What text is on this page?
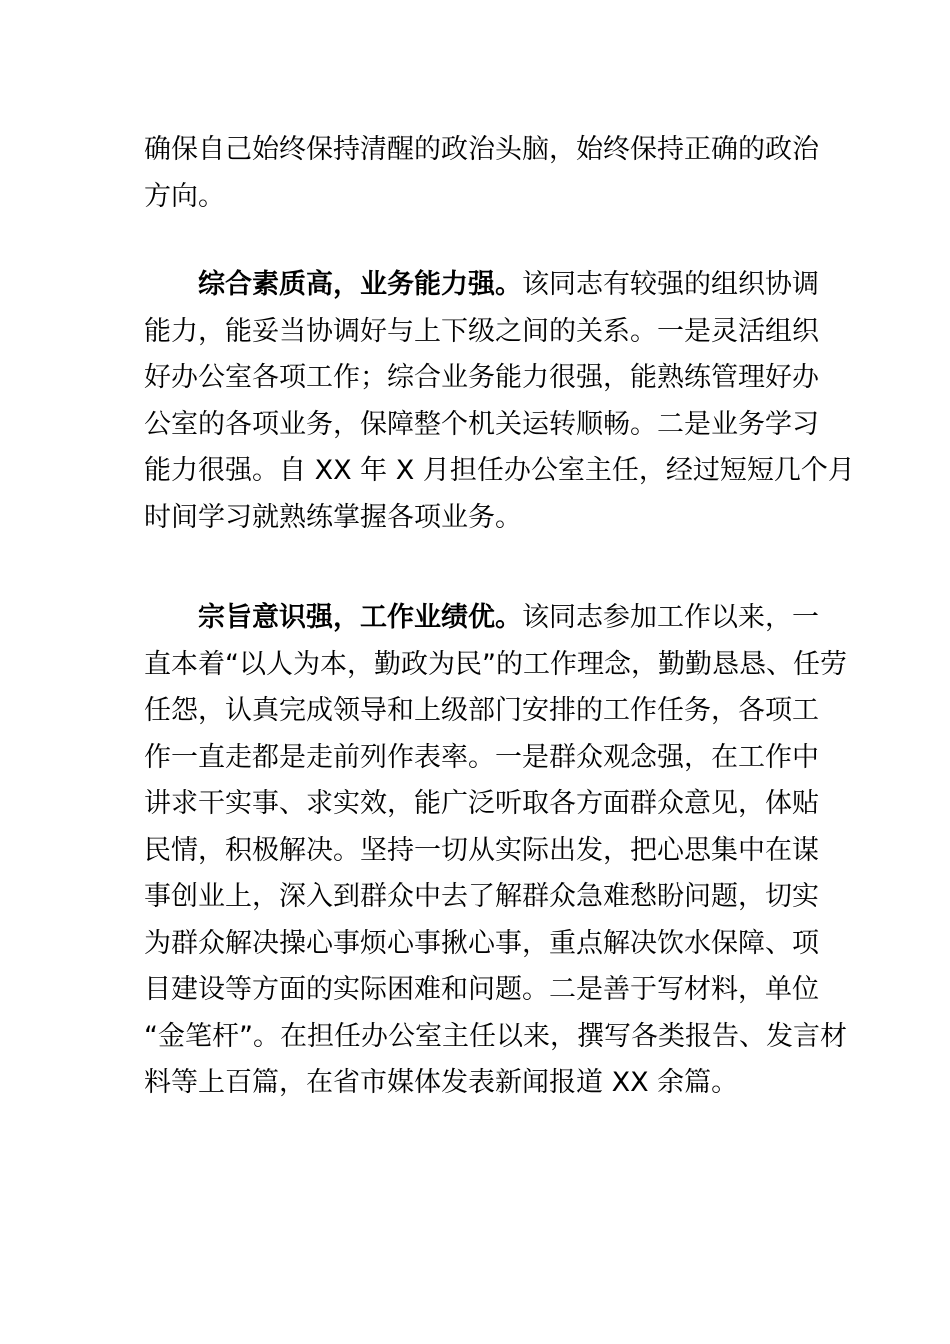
确保自己始终保持清醒的政治头脑，始终保持正确的政治
方向。
综合素质高，业务能力强。该同志有较强的组织协调
能力，能妥当协调好与上下级之间的关系。一是灵活组织
好办公室各项工作；综合业务能力很强，能熟练管理好办
公室的各项业务，保障整个机关运转顺畅。二是业务学习
能力很强。自 XX 年 X 月担任办公室主任，经过短短几个月
时间学习就熟练掌握各项业务。
宗旨意识强，工作业绩优。该同志参加工作以来，一
直本着“以人为本，勤政为民”的工作理念，勤勤恳恳、任劳
任怨，认真完成领导和上级部门安排的工作任务，各项工
作一直走都是走前列作表率。一是群众观念强，在工作中
讲求干实事、求实效，能广泛听取各方面群众意见，体贴
民情，积极解决。坚持一切从实际出发，把心思集中在谋
事创业上，深入到群众中去了解群众急难愁盼问题，切实
为群众解决操心事烦心事揪心事，重点解决饮水保障、项
目建设等方面的实际困难和问题。二是善于写材料，单位
“金笔杆”。在担任办公室主任以来，撰写各类报告、发言材
料等上百篇，在省市媒体发表新闻报道 XX 余篇。
